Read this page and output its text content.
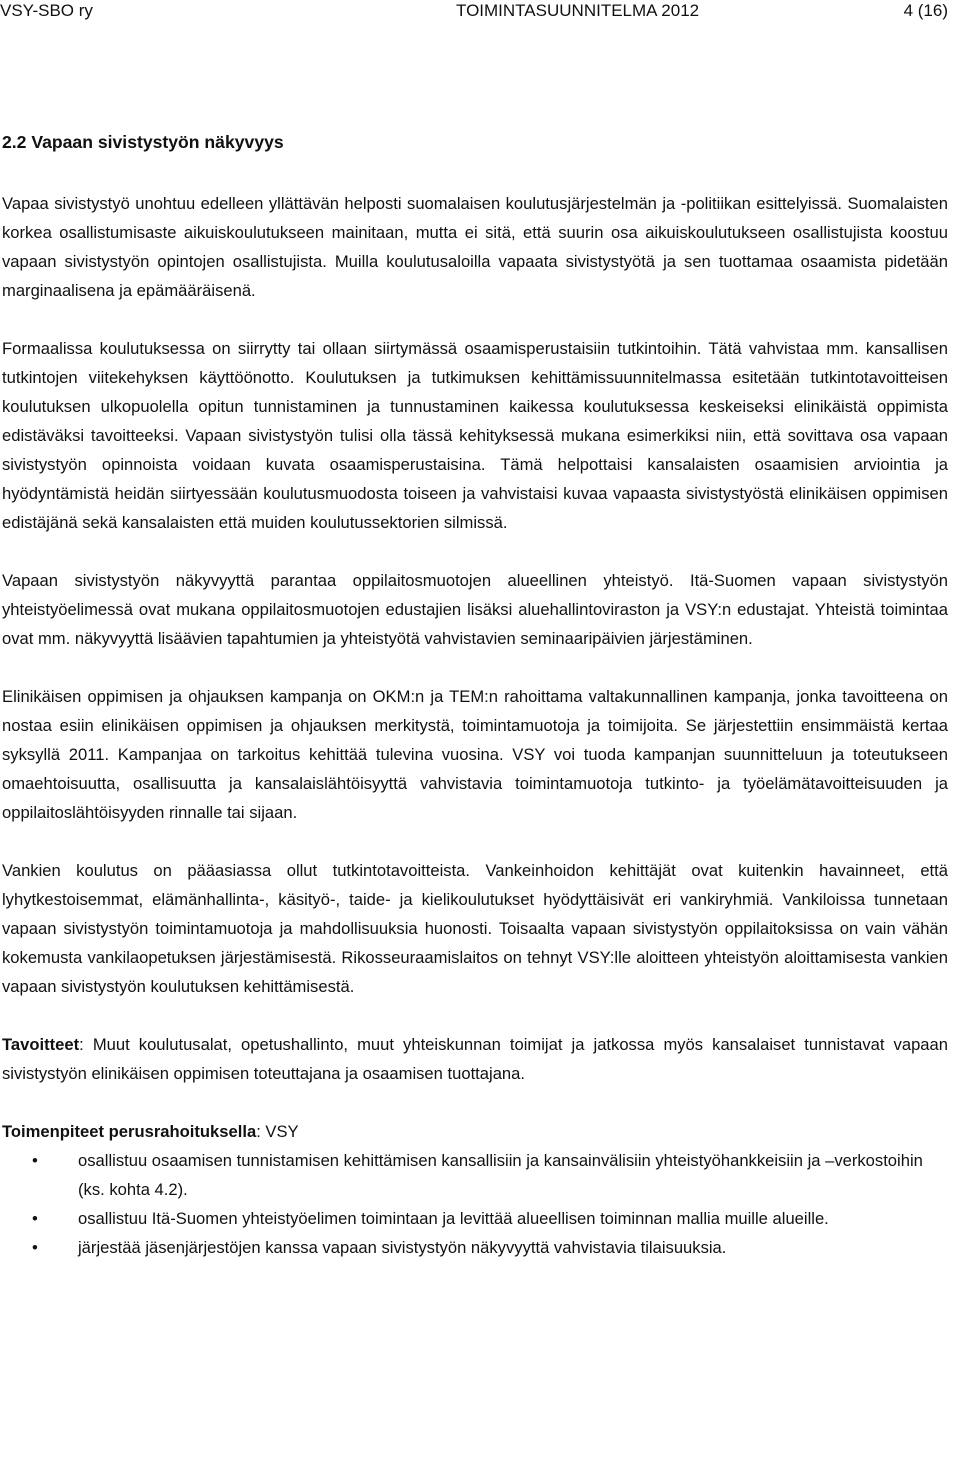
VSY-SBO ry	TOIMINTASUUNNITELMA 2012	4 (16)
2.2 Vapaan sivistystyön näkyvyys

Vapaa sivistystyö unohtuu edelleen yllättävän helposti suomalaisen koulutusjärjestelmän ja -politiikan esittelyissä. Suomalaisten korkea osallistumisaste aikuiskoulutukseen mainitaan, mutta ei sitä, että suurin osa aikuiskoulutukseen osallistujista koostuu vapaan sivistystyön opintojen osallistujista. Muilla koulutusaloilla vapaata sivistystyötä ja sen tuottamaa osaamista pidetään marginaalisena ja epämääräisenä.

Formaalissa koulutuksessa on siirrytty tai ollaan siirtymässä osaamisperustaisiin tutkintoihin. Tätä vahvistaa mm. kansallisen tutkintojen viitekehyksen käyttöönotto. Koulutuksen ja tutkimuksen kehittämissuunnitelmassa esitetään tutkintotavoitteisen koulutuksen ulkopuolella opitun tunnistaminen ja tunnustaminen kaikessa koulutuksessa keskeiseksi elinikäistä oppimista edistäväksi tavoitteeksi. Vapaan sivistystyön tulisi olla tässä kehityksessä mukana esimerkiksi niin, että sovittava osa vapaan sivistystyön opinnoista voidaan kuvata osaamisperustaisina. Tämä helpottaisi kansalaisten osaamisien arviointia ja hyödyntämistä heidän siirtyessään koulutusmuodosta toiseen ja vahvistaisi kuvaa vapaasta sivistystyöstä elinikäisen oppimisen edistäjänä sekä kansalaisten että muiden koulutussektorien silmissä.

Vapaan sivistystyön näkyvyyttä parantaa oppilaitosmuotojen alueellinen yhteistyö. Itä-Suomen vapaan sivistystyön yhteistyöelimessä ovat mukana oppilaitosmuotojen edustajien lisäksi aluehallintoviraston ja VSY:n edustajat. Yhteistä toimintaa ovat mm. näkyvyyttä lisäävien tapahtumien ja yhteistyötä vahvistavien seminaaripäivien järjestäminen.

Elinikäisen oppimisen ja ohjauksen kampanja on OKM:n ja TEM:n rahoittama valtakunnallinen kampanja, jonka tavoitteena on nostaa esiin elinikäisen oppimisen ja ohjauksen merkitystä, toimintamuotoja ja toimijoita. Se järjestettiin ensimmäistä kertaa syksyllä 2011. Kampanjaa on tarkoitus kehittää tulevina vuosina. VSY voi tuoda kampanjan suunnitteluun ja toteutukseen omaehtoisuutta, osallisuutta ja kansalaislähtöisyyttä vahvistavia toimintamuotoja tutkinto- ja työelämätavoitteisuuden ja oppilaitoslähtöisyyden rinnalle tai sijaan.

Vankien koulutus on pääasiassa ollut tutkintotavoitteista. Vankeinhoidon kehittäjät ovat kuitenkin havainneet, että lyhytkestoisemmat, elämänhallinta-, käsityö-, taide- ja kielikoulutukset hyödyttäisivät eri vankiryhmiä. Vankiloissa tunnetaan vapaan sivistystyön toimintamuotoja ja mahdollisuuksia huonosti. Toisaalta vapaan sivistystyön oppilaitoksissa on vain vähän kokemusta vankilaopetuksen järjestämisestä. Rikosseuraamislaitos on tehnyt VSY:lle aloitteen yhteistyön aloittamisesta vankien vapaan sivistystyön koulutuksen kehittämisestä.

Tavoitteet: Muut koulutusalat, opetushallinto, muut yhteiskunnan toimijat ja jatkossa myös kansalaiset tunnistavat vapaan sivistystyön elinikäisen oppimisen toteuttajana ja osaamisen tuottajana.

Toimenpiteet perusrahoituksella: VSY

• osallistuu osaamisen tunnistamisen kehittämisen kansallisiin ja kansainvälisiin yhteistyöhankkeisiin ja –verkostoihin (ks. kohta 4.2).
• osallistuu Itä-Suomen yhteistyöelimen toimintaan ja levittää alueellisen toiminnan mallia muille alueille.
• järjestää jäsenjärjestöjen kanssa vapaan sivistystyön näkyvyyttä vahvistavia tilaisuuksia.
